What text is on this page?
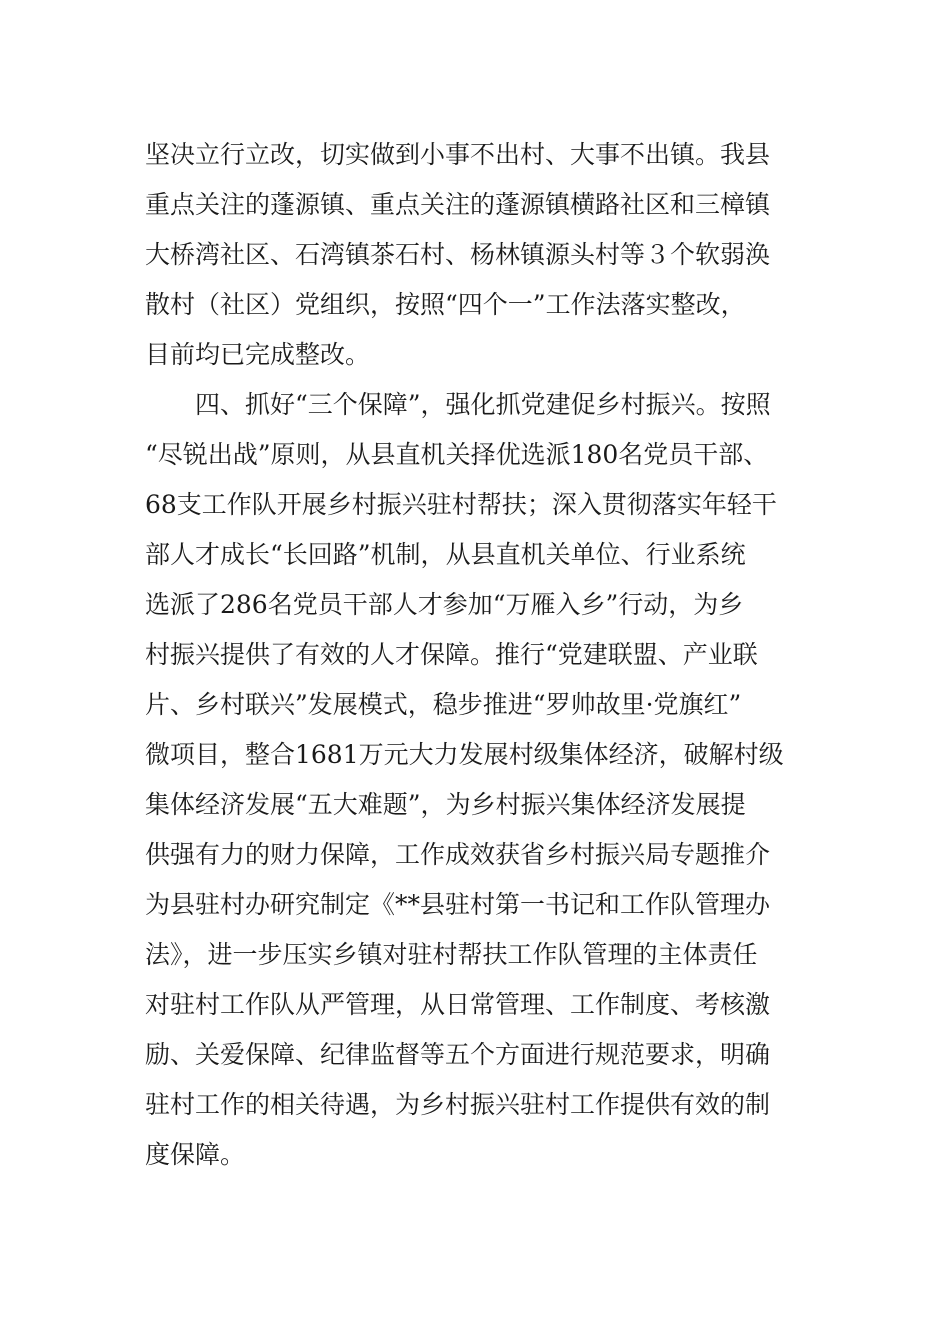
坚决立行立改，切实做到小事不出村、大事不出镇。我县
重点关注的蓬源镇、重点关注的蓬源镇横路社区和三樟镇
大桥湾社区、石湾镇茶石村、杨林镇源头村等３个软弱涣
散村（社区）党组织，按照“四个一”工作法落实整改，
目前均已完成整改。
四、抓好“三个保障”，强化抓党建促乡村振兴。按照
“尽锐出战”原则，从县直机关择优选派180名党员干部、
68支工作队开展乡村振兴驻村帮扶；深入贯彻落实年轻干
部人才成长“长回路”机制，从县直机关单位、行业系统
选派了286名党员干部人才参加“万雁入乡”行动，为乡
村振兴提供了有效的人才保障。推行“党建联盟、产业联
片、乡村联兴”发展模式，稳步推进“罗帅故里·党旗红”
微项目，整合1681万元大力发展村级集体经济，破解村级
集体经济发展“五大难题”，为乡村振兴集体经济发展提
供强有力的财力保障，工作成效获省乡村振兴局专题推介
为县驻村办研究制定《**县驻村第一书记和工作队管理办
法》，进一步压实乡镇对驻村帮扶工作队管理的主体责任
对驻村工作队从严管理，从日常管理、工作制度、考核激
励、关爱保障、纪律监督等五个方面进行规范要求，明确
驻村工作的相关待遇，为乡村振兴驻村工作提供有效的制
度保障。
